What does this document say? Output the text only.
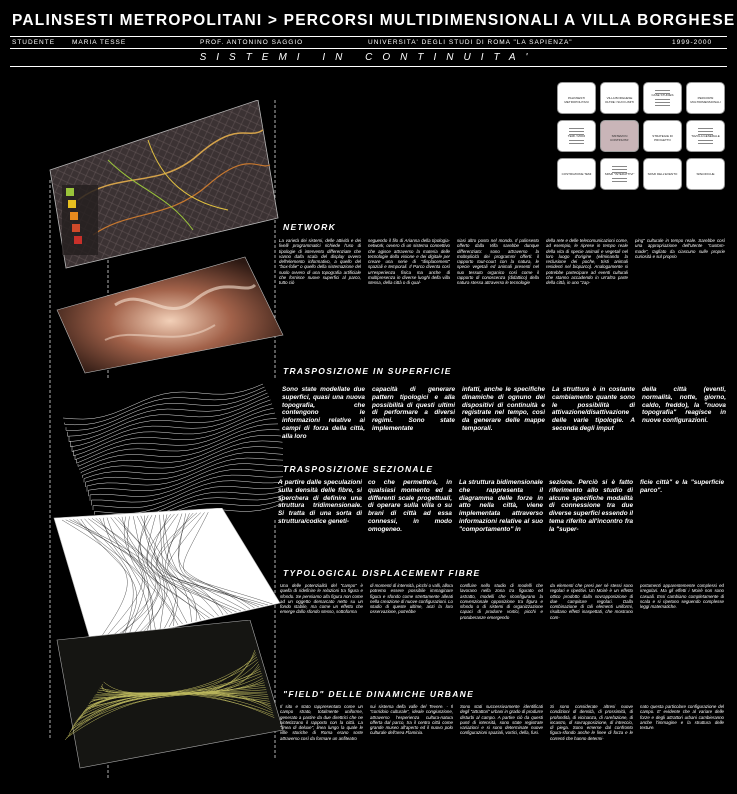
PALINSESTI METROPOLITANI > PERCORSI MULTIDIMENSIONALI A VILLA BORGHESE
STUDENTE	MARIA TESSE	PROF. ANTONINO SAGGIO	UNIVERSITA' DEGLI STUDI DI ROMA "LA SAPIENZA"	1999-2000
SISTEMI IN CONTINUITA'
PALINSESTI METROPOLITANI
VILLA BORGHESE OLTRE I SUOI LIMITI
CASE STUDIES
PERCORSI MULTIDIMENSIONALI
TEMI / MODI	SISTEMI IN CONTINUITA'
STRATEGIE DI PROGETTO
TAVOLA GENERALE
COSTRUZIONE TEMI	SPAZI "INTERATTIVI"	SPAZI DELL'EVENTO	SPECIFICHE
NETWORK
La varietà dei sistemi, delle attività e dei livelli programmatici richiede l'uso di tipologie di intervento differenziate che vanno dalla scala del display ovvero dell'elemento informativo, a quello del "box-folie" o quello della sistemazione del suolo ovvero di una topografia artificiale che fornisce nuove superfici al parco, tutto ciò
seguendo il filo di Arianna della tipologia-network, ovvero di un sistema connettivo che agisce attraverso la materia delle tecnologie della visione e dei digitale per creare una serie di "displacement" spaziali e temporali. Il Parco diventa così un'esperienza fisica ma anche di multipresenza in diverse luoghi della villa stessa, della città o di qual-
siasi altro posto nel mondo. Il palinsesto offerto dalla Villa sarebbe dunque differenziato: sono attraverso la molteplicità dei programmi offerti: il rapporto tout-court con la natura, le specie vegetali ed animali presenti nel suo tessuto organico così come il rapporto di conoscenza (didattico) della natura stessa attraverso le tecnologie
della rete e delle telecomunicazioni come, ad esempio, le riprese in tempo reale della vita di specie animali e vegetali nel loro luogo d'origine (eliminando la reclusione dei poche, tristi animali residenti nel bioparco). Analogamente si potrebbe partecipare ad eventi culturali che stanno accadendo in un'altra parte della città, in uno "zap-
ping" culturale in tempo reale. Sarebbe così una appropriazione dell'utente "custom-made", tagliato da ciascuno sulle proprie curiosità e sul proprio
TRASPOSIZIONE IN SUPERFICIE
Sono state modellate due superfici, quasi una nuova topografia, che contengono le informazioni relative ai campi di forza della città, alla loro
capacità di generare pattern tipologici e alla possibilità di questi ultimi di performare a diversi regimi. Sono state implementate
infatti, anche le specifiche dinamiche di ognuno dei dispositivi di continuità e registrate nel tempo, così da generare delle mappe temporali.
La struttura è in costante cambiamento quante sono le possibilità di attivazione/disattivazione delle varie tipologie. A seconda degli imput
della città (eventi, normalità, notte, giorno, caldo, freddo), la "nuova topografia" reagisce in nuove configurazioni.
TRASPOSIZIONE SEZIONALE
A partire dalle speculazioni sulla densità delle fibre, si sperchera di definire una struttura tridimensionale. Si tratta di una sorta di struttura/codice geneti-
co che permetterà, in qualsiasi momento ed a differenti scale progettuali, di operare sulla villa o su brani di città ad essa connessi, in modo omogeneo.
La struttura bidimensionale che rappresenta il diagramma delle forze in atto nella città, viene implementata attraverso informazioni relative al suo "comportamento" in
sezione. Perciò si è fatto riferimento allo studio di alcune specifiche modalità di connessione tra due diverse superfici essendo il tema riferito all'incontro fra la "super-
ficie città" e la "superficie parco".
TYPOLOGICAL DISPLACEMENT FIBRE
Una delle potenzialità del "campo" è quella di ridefinire le relazioni tra figura e sfondo. Se pensiamo alla figura non come ad un oggetto demarcato netto su un fondo stabile, ma come un effetto che emerge dallo sfondo stesso, sottoforma
di momenti di intensità, picchi o valli, allora potremo essere possibile immaginare figura e sfondo come strettamente alleati nella creazione di nuove configurazioni. Lo studio di queste ultime, anzi la loro osservazione, potrebbe
confluire nello studio di modelli che lavorano nella zona tra figurato ed astratto, modelli che riconfigurano la convenzionale opposizione tra figura e sfondo o di sistemi di organizzazione capaci di produrre vortici, picchi e protuberanze emergendo
da elementi che presi per sé stessi sono regolari e ripetitivi. Un Moirè è un effetto ottico prodotto dalla sovrapposizione di due campiture regolari. Dalla combinazione di tali elementi uniformi, risultano effetti inaspettati, che mostrano com-
portamenti apparentemente complessi ed irregolari. Ma gli effetti i Moirè non sono casuali. Essi cambiano completamente di scala e si ripetono seguendo complesse leggi matematiche.
"FIELD" DELLE DINAMICHE URBANE
Il sito e stato rappresentato come un campo strato, totalmente uniforme, generato a partire da due direttrici che ne sintetizzano il rapporto con la città. La "linea di deluxe", linea lungo la quale le ville storiche di Roma erano sorte attraverso così da formare un anfiteatro
sui sistema della valle del Tevere. - Il "corridoio culturale", ideale congiunzione, attraverso l'esperienza cultura-natura offerta dal parco, tra il centro città come grande museo all'aperto ed il nuovo polo culturale dell'area Flaminia.
Sono stati successivamente identificati degli "attrattori" urbani in grado di produrre disturbi al campo. A partire ciò da questi punti di intensità, sono state registrate variazioni e si sono determinate nuove configurazioni spaziali, vortici, della, fusi.
Si sono considerate altresi nuove condizioni di densità, di prossimità, di profondità, di vicinanza, di rarefazione, di incastro, di sovrapposizione, di intreccio, di piega. Sono emerse dal confronto figura-sfondo anche le linee di forza e le correnti che hanno determi-
nato questa particolare configurazione del campo. E' evidente che al variare delle forze e degli attrattori urbani cambieranno anche l'immagine e la struttura delle texture.
